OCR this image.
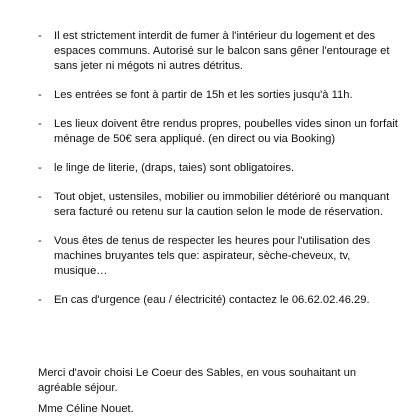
-	Il est strictement interdit de fumer à l'intérieur du logement et des espaces communs. Autorisé sur le balcon sans gêner l'entourage et sans jeter ni mégots ni autres détritus.
-	Les entrées se font à partir de 15h et les sorties jusqu'à 11h.
-	Les lieux doivent être rendus propres, poubelles vides sinon un forfait ménage de 50€ sera appliqué. (en direct ou via Booking)
-	le linge de literie, (draps, taies) sont obligatoires.
-	Tout objet, ustensiles, mobilier ou immobilier détérioré ou manquant sera facturé ou retenu sur la caution selon le mode de réservation.
-	Vous êtes de tenus de respecter les heures pour l'utilisation des machines bruyantes tels que: aspirateur, sèche-cheveux, tv, musique…
-	En cas d'urgence (eau / électricité) contactez le 06.62.02.46.29.

Merci d'avoir choisi Le Coeur des Sables, en vous souhaitant un agréable séjour.

Mme Céline Nouet.
